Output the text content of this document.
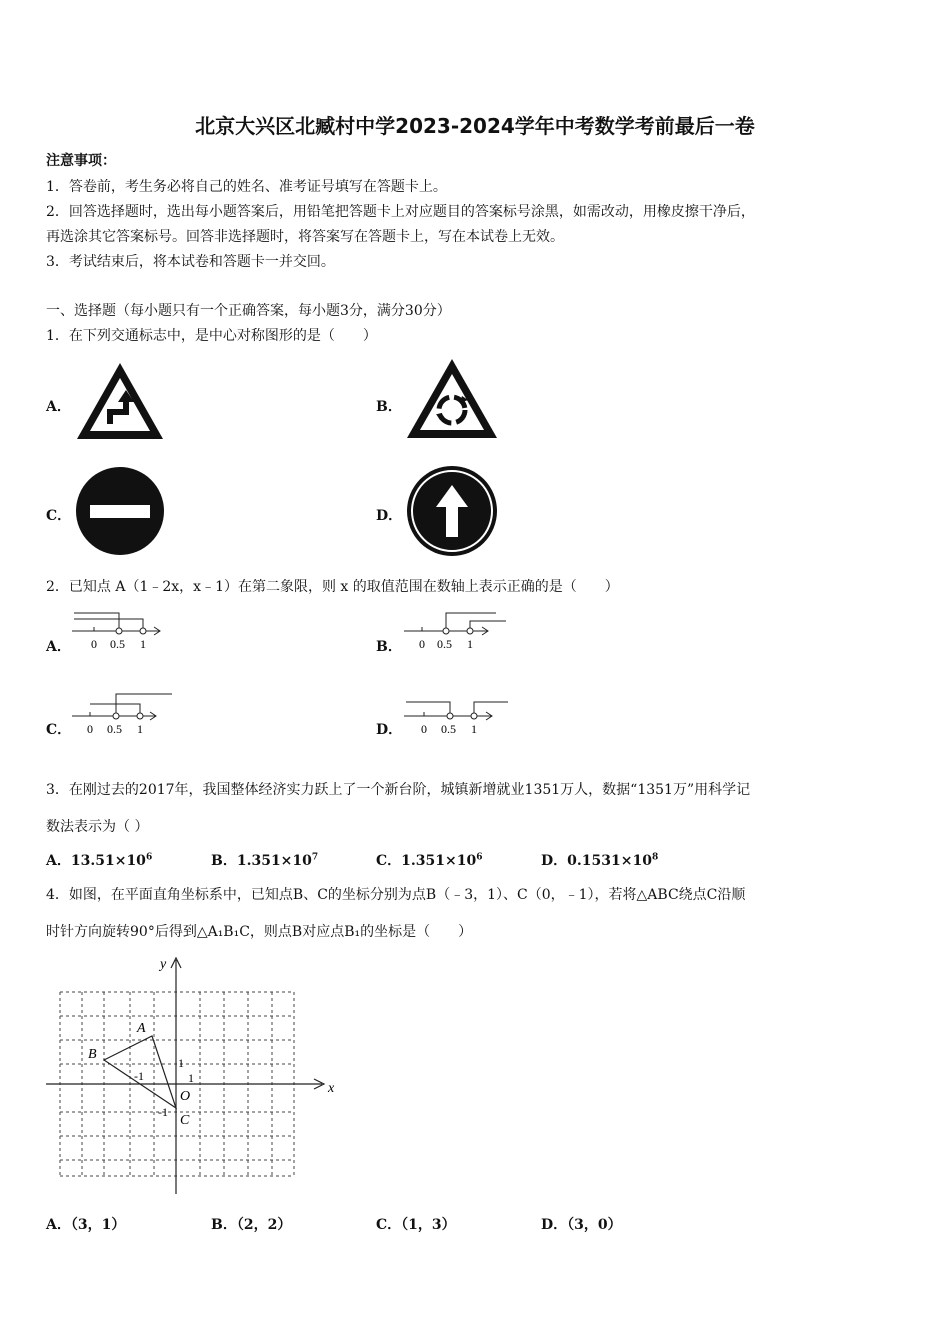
北京大兴区北臧村中学2023-2024学年中考数学考前最后一卷
注意事项：
1．答卷前，考生务必将自己的姓名、准考证号填写在答题卡上。
2．回答选择题时，选出每小题答案后，用铅笔把答题卡上对应题目的答案标号涂黑，如需改动，用橡皮擦干净后，
再选涂其它答案标号。回答非选择题时，将答案写在答题卡上，写在本试卷上无效。
3．考试结束后，将本试卷和答题卡一并交回。
一、选择题（每小题只有一个正确答案，每小题3分，满分30分）
1．在下列交通标志中，是中心对称图形的是（　　）
A．	B．
C．	D．
2．已知点 A（1﹣2x，x﹣1）在第二象限，则 x 的取值范围在数轴上表示正确的是（　　）
A． 0 0.5 1	B． 0 0.5 1
C． 0 0.5 1	D． 0 0.5 1
3．在刚过去的2017年，我国整体经济实力跃上了一个新台阶，城镇新增就业1351万人，数据“1351万”用科学记
数法表示为（ ）
A．$13.51\times 10^6$	B．$1.351\times 10^7$	C．$1.351\times 10^6$	D．$0.1531\times 10^8$
4．如图，在平面直角坐标系中，已知点B、C的坐标分别为点B（﹣3，1）、C（0，﹣1），若将△ABC绕点C沿顺
时针方向旋转90°后得到△A₁B₁C，则点B对应点B₁的坐标是（　　）
y
x
A
B
O
C
1
1
-1
-1
A．（3，1）	B．（2，2）	C．（1，3）	D．（3，0）
